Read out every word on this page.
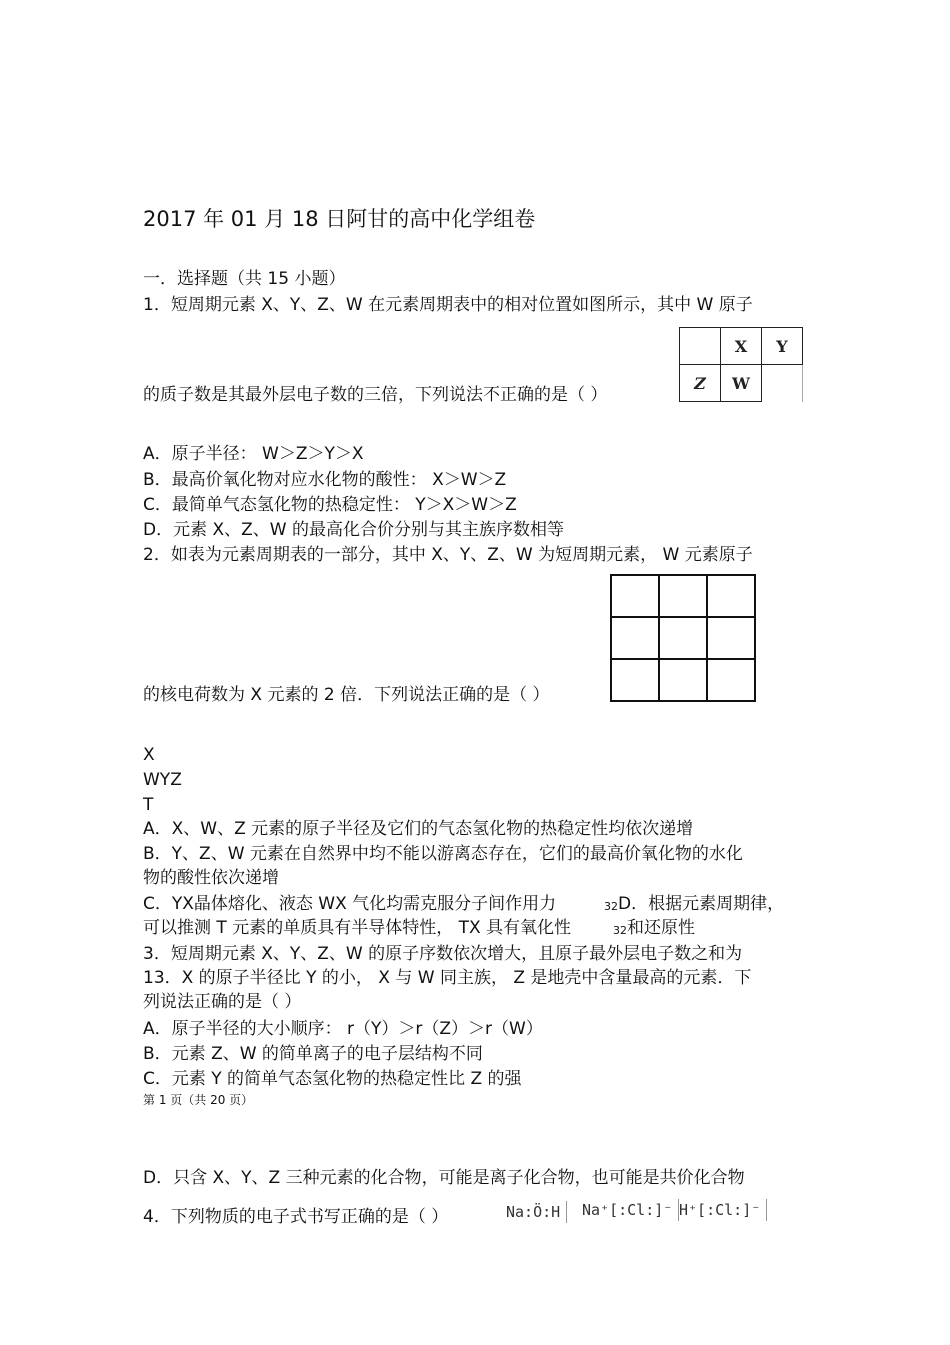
2017 年 01 月 18 日阿甘的高中化学组卷
一．选择题（共 15 小题）
1．短周期元素 X、Y、Z、W 在元素周期表中的相对位置如图所示，其中 W 原子
	X	Y
Z	W	
的质子数是其最外层电子数的三倍，下列说法不正确的是（ ）
A．原子半径： W＞Z＞Y＞X
B．最高价氧化物对应水化物的酸性： X＞W＞Z
C．最简单气态氢化物的热稳定性： Y＞X＞W＞Z
D．元素 X、Z、W 的最高化合价分别与其主族序数相等
2．如表为元素周期表的一部分，其中 X、Y、Z、W 为短周期元素， W 元素原子

的核电荷数为 X 元素的 2 倍．下列说法正确的是（ ）
X
WYZ
T
A．X、W、Z 元素的原子半径及它们的气态氢化物的热稳定性均依次递增
B．Y、Z、W 元素在自然界中均不能以游离态存在，它们的最高价氧化物的水化
物的酸性依次递增
C．YX晶体熔化、液态 WX 气化均需克服分子间作用力	32 D．根据元素周期律，
可以推测 T 元素的单质具有半导体特性， TX 具有氧化性	32 和还原性
3．短周期元素 X、Y、Z、W 的原子序数依次增大，且原子最外层电子数之和为
13．X 的原子半径比 Y 的小， X 与 W 同主族， Z 是地壳中含量最高的元素．下
列说法正确的是（ ）
A．原子半径的大小顺序： r（Y）＞r（Z）＞r（W）
B．元素 Z、W 的简单离子的电子层结构不同
C．元素 Y 的简单气态氢化物的热稳定性比 Z 的强
第 1 页（共 20 页）
D．只含 X、Y、Z 三种元素的化合物，可能是离子化合物，也可能是共价化合物
4．下列物质的电子式书写正确的是（ ）	Na:Ö:H	Na⁺[:Cl:]⁻ H⁺[:Cl:]⁻
